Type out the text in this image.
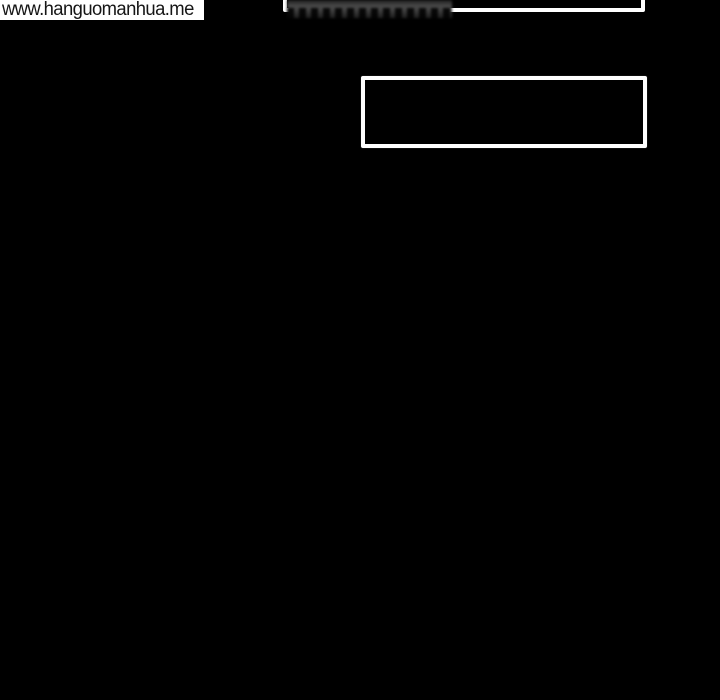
www.hanguomanhua.me
